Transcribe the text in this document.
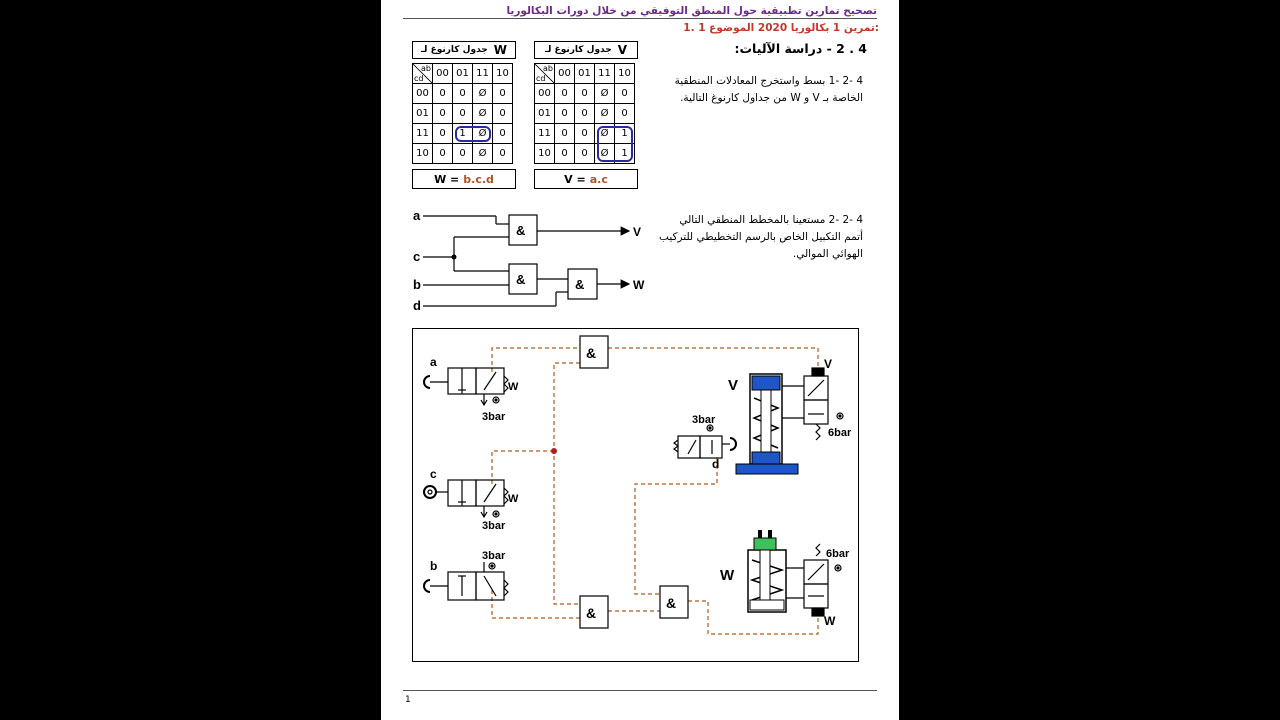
تصحيح تمارين تطبيقية حول المنطق التوفيقي من خلال دورات البكالوريا
1. تمرين 1 بكالوريا 2020 الموضوع 1:
جدول كارنوغ لـ W
ab
cd	00	01	11	10
00	0	0	Ø	0
01	0	0	Ø	0
11	0	1	Ø	0
10	0	0	Ø	0
W = b.c.d
جدول كارنوغ لـ V
ab
cd	00	01	11	10
00	0	0	Ø	0
01	0	0	Ø	0
11	0	0	Ø	1
10	0	0	Ø	1
V = a.c
4 . 2 - دراسة الآليات:
4 -2 -1 بسط واستخرج المعادلات المنطقية
الخاصة بـ V و W من جداول كارنوغ التالية.
4 -2 -2 مستعينا بالمخطط المنطقي التالي
أتمم التكبيل الخاص بالرسم التخطيطي للتركيب
الهوائي الموالي.
a
c
b
d
&
&	&
V
W
&
&
&
a
c
b
d
W
W
3bar
3bar
3bar
3bar
V
W
V
W
6bar
6bar
1
